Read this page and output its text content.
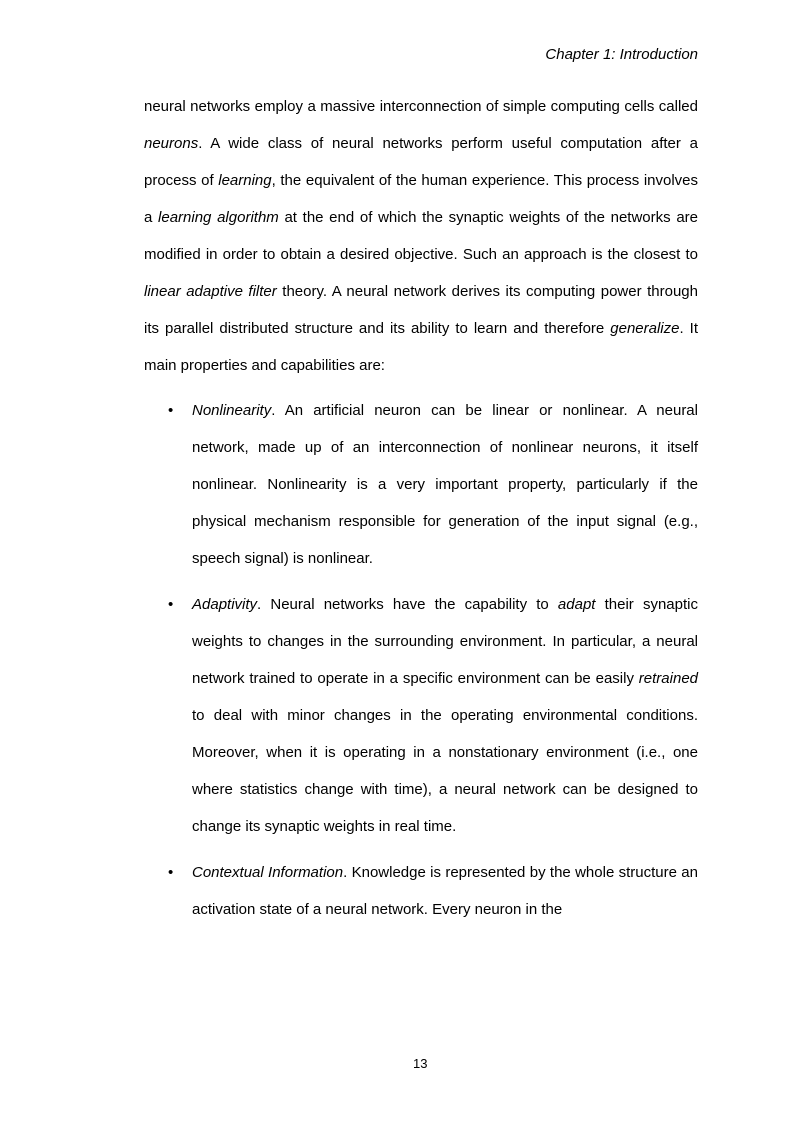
Chapter 1: Introduction

neural networks employ a massive interconnection of simple computing cells called neurons. A wide class of neural networks perform useful computation after a process of learning, the equivalent of the human experience. This process involves a learning algorithm at the end of which the synaptic weights of the networks are modified in order to obtain a desired objective. Such an approach is the closest to linear adaptive filter theory. A neural network derives its computing power through its parallel distributed structure and its ability to learn and therefore generalize. It main properties and capabilities are:

• Nonlinearity. An artificial neuron can be linear or nonlinear. A neural network, made up of an interconnection of nonlinear neurons, it itself nonlinear. Nonlinearity is a very important property, particularly if the physical mechanism responsible for generation of the input signal (e.g., speech signal) is nonlinear.
• Adaptivity. Neural networks have the capability to adapt their synaptic weights to changes in the surrounding environment. In particular, a neural network trained to operate in a specific environment can be easily retrained to deal with minor changes in the operating environmental conditions. Moreover, when it is operating in a nonstationary environment (i.e., one where statistics change with time), a neural network can be designed to change its synaptic weights in real time.
• Contextual Information. Knowledge is represented by the whole structure an activation state of a neural network. Every neuron in the
13
